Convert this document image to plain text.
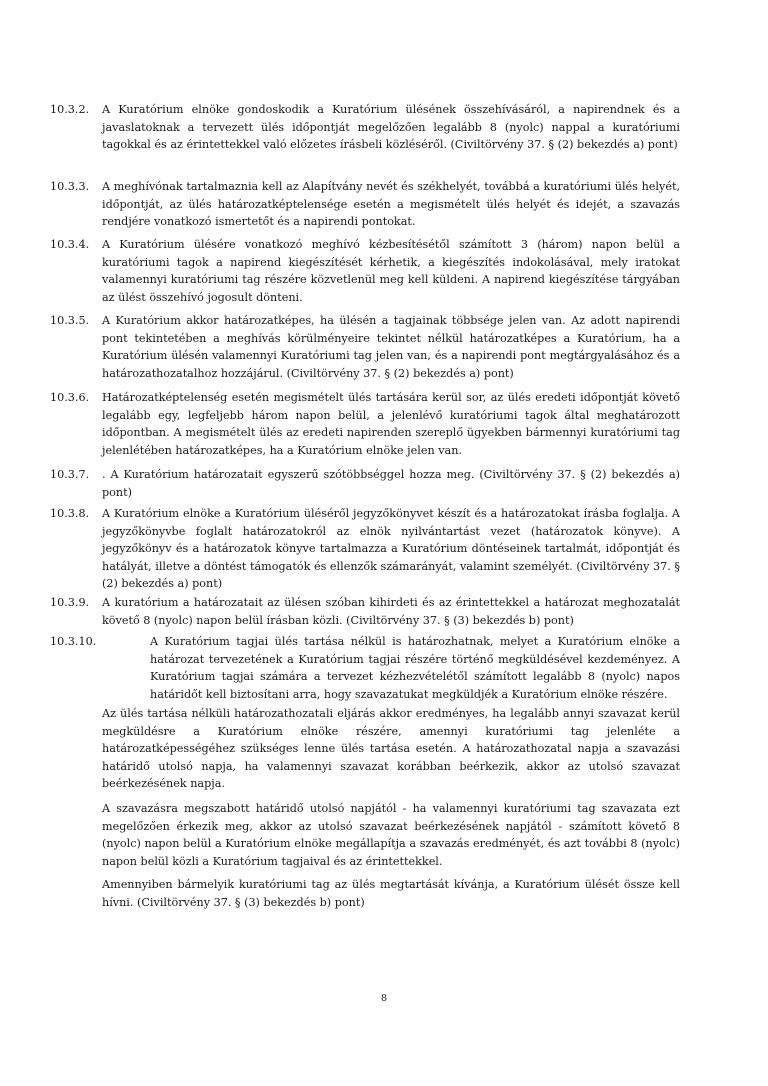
10.3.2. A Kuratórium elnöke gondoskodik a Kuratórium ülésének összehívásáról, a napirendnek és a javaslatoknak a tervezett ülés időpontját megelőzően legalább 8 (nyolc) nappal a kuratóriumi tagokkal és az érintettekkel való előzetes írásbeli közléséről. (Civiltörvény 37. § (2) bekezdés a) pont)

10.3.3. A meghívónak tartalmaznia kell az Alapítvány nevét és székhelyét, továbbá a kuratóriumi ülés helyét, időpontját, az ülés határozatképtelensége esetén a megismételt ülés helyét és idejét, a szavazás rendjére vonatkozó ismertetőt és a napirendi pontokat.

10.3.4. A Kuratórium ülésére vonatkozó meghívó kézbesítésétől számított 3 (három) napon belül a kuratóriumi tagok a napirend kiegészítését kérhetik, a kiegészítés indokolásával, mely iratokat valamennyi kuratóriumi tag részére közvetlenül meg kell küldeni. A napirend kiegészítése tárgyában az ülést összehívó jogosult dönteni.

10.3.5. A Kuratórium akkor határozatképes, ha ülésén a tagjainak többsége jelen van. Az adott napirendi pont tekintetében a meghívás körülményeire tekintet nélkül határozatképes a Kuratórium, ha a Kuratórium ülésén valamennyi Kuratóriumi tag jelen van, és a napirendi pont megtárgyalásához és a határozathozatalhoz hozzájárul. (Civiltörvény 37. § (2) bekezdés a) pont)

10.3.6. Határozatképtelenség esetén megismételt ülés tartására kerül sor, az ülés eredeti időpontját követő legalább egy, legfeljebb három napon belül, a jelenlévő kuratóriumi tagok által meghatározott időpontban. A megismételt ülés az eredeti napirenden szereplő ügyekben bármennyi kuratóriumi tag jelenlétében határozatképes, ha a Kuratórium elnöke jelen van.

10.3.7. . A Kuratórium határozatait egyszerű szótöbbséggel hozza meg. (Civiltörvény 37. § (2) bekezdés a) pont)

10.3.8. A Kuratórium elnöke a Kuratórium üléséről jegyzőkönyvet készít és a határozatokat írásba foglalja. A jegyzőkönyvbe foglalt határozatokról az elnök nyilvántartást vezet (határozatok könyve). A jegyzőkönyv és a határozatok könyve tartalmazza a Kuratórium döntéseinek tartalmát, időpontját és hatályát, illetve a döntést támogatók és ellenzők számarányát, valamint személyét. (Civiltörvény 37. § (2) bekezdés a) pont)

10.3.9. A kuratórium a határozatait az ülésen szóban kihirdeti és az érintettekkel a határozat meghozatalát követő 8 (nyolc) napon belül írásban közli. (Civiltörvény 37. § (3) bekezdés b) pont)

10.3.10.	A Kuratórium tagjai ülés tartása nélkül is határozhatnak, melyet a Kuratórium elnöke a határozat tervezetének a Kuratórium tagjai részére történő megküldésével kezdeményez. A Kuratórium tagjai számára a tervezet kézhezvételétől számított legalább 8 (nyolc) napos határidőt kell biztosítani arra, hogy szavazatukat megküldjék a Kuratórium elnöke részére.

Az ülés tartása nélküli határozathozatali eljárás akkor eredményes, ha legalább annyi szavazat kerül megküldésre a Kuratórium elnöke részére, amennyi kuratóriumi tag jelenléte a határozatképességéhez szükséges lenne ülés tartása esetén. A határozathozatal napja a szavazási határidő utolsó napja, ha valamennyi szavazat korábban beérkezik, akkor az utolsó szavazat beérkezésének napja.
A szavazásra megszabott határidő utolsó napjától - ha valamennyi kuratóriumi tag szavazata ezt megelőzően érkezik meg, akkor az utolsó szavazat beérkezésének napjától - számított követő 8 (nyolc) napon belül a Kuratórium elnöke megállapítja a szavazás eredményét, és azt további 8 (nyolc) napon belül közli a Kuratórium tagjaival és az érintettekkel.
Amennyiben bármelyik kuratóriumi tag az ülés megtartását kívánja, a Kuratórium ülését össze kell hívni. (Civiltörvény 37. § (3) bekezdés b) pont)
8
